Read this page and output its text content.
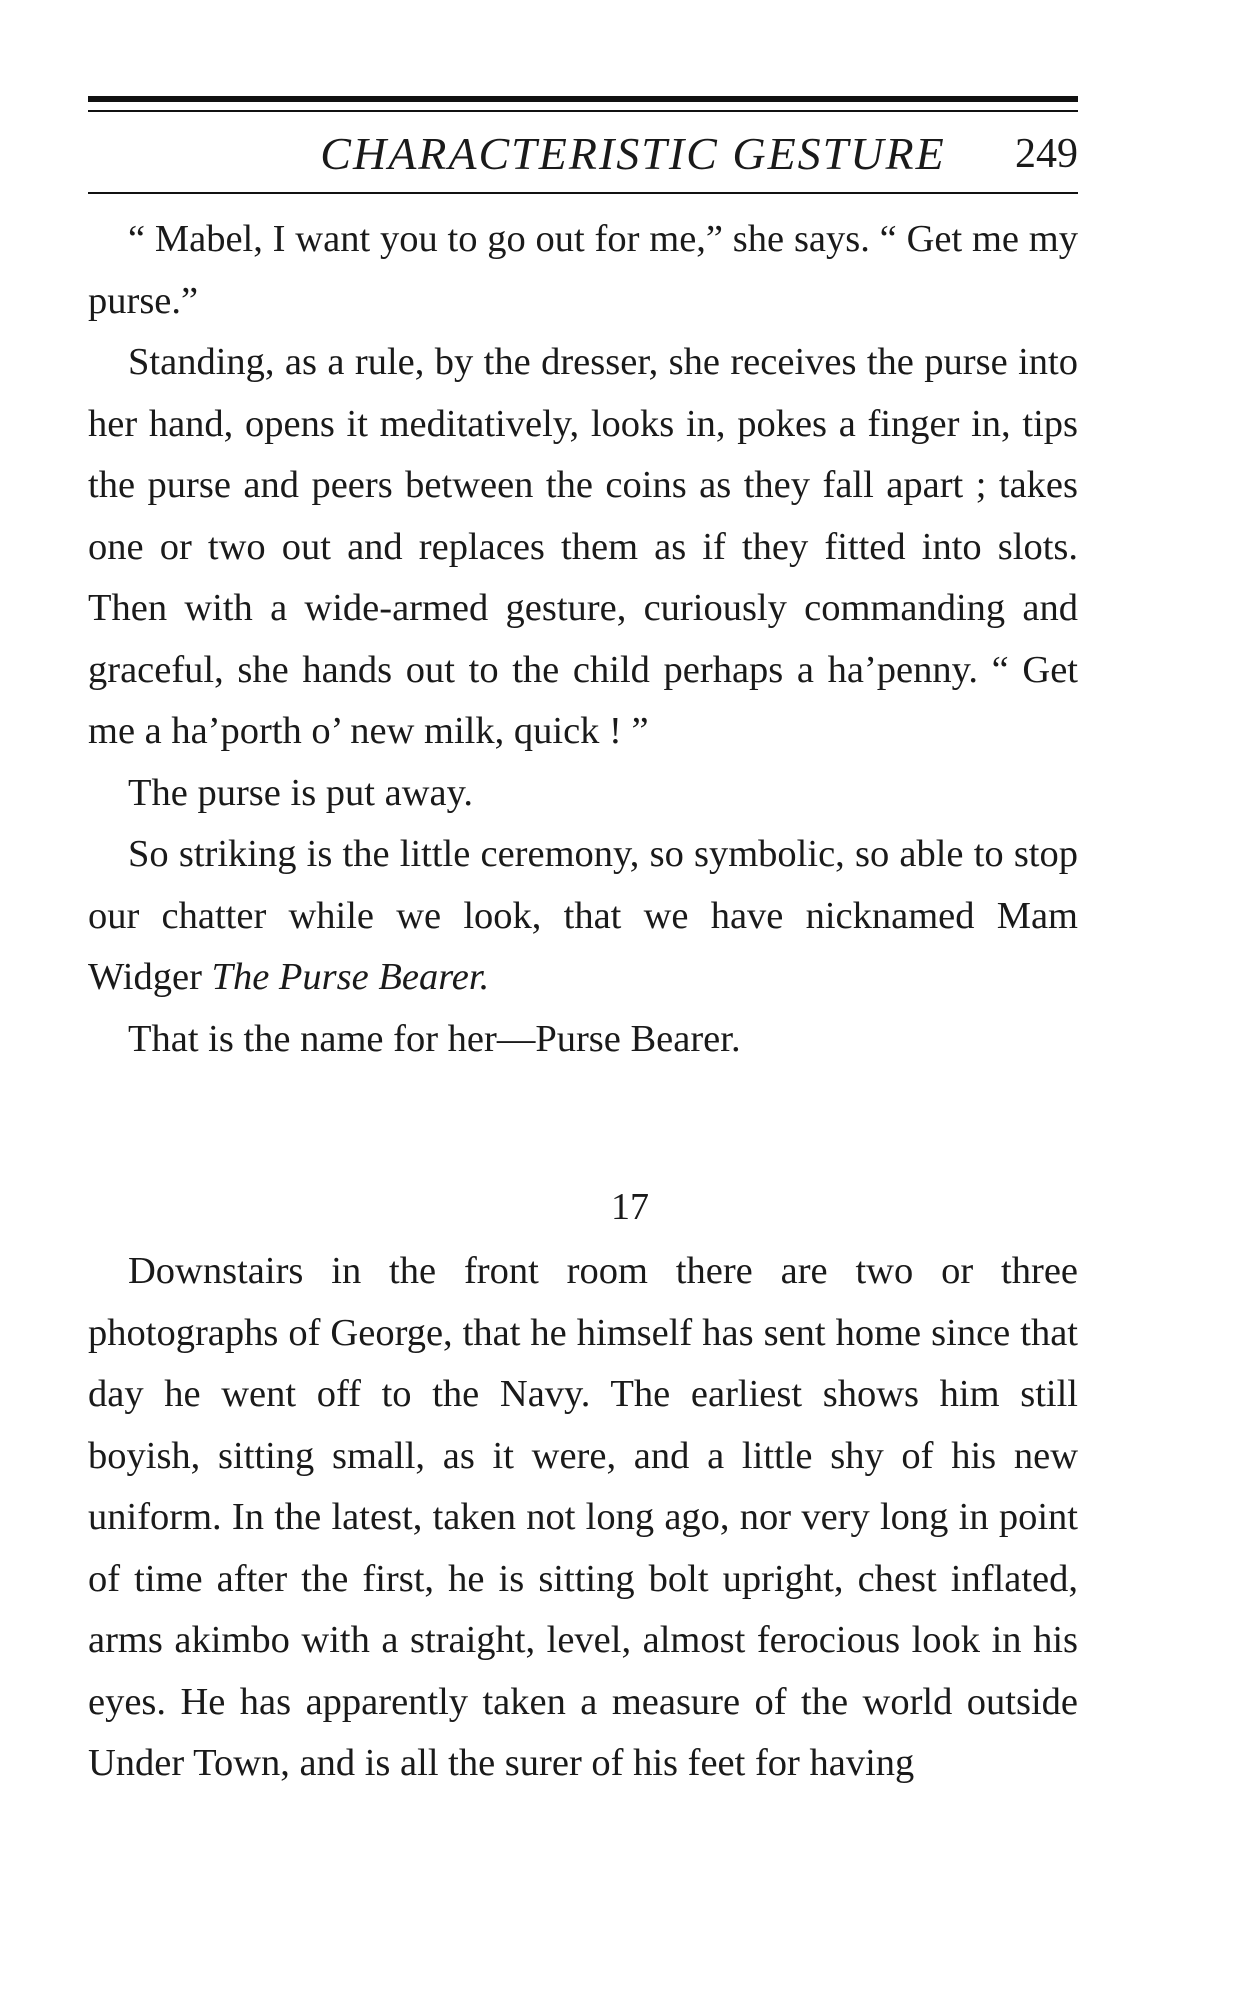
CHARACTERISTIC GESTURE	249

“ Mabel, I want you to go out for me,” she says. “ Get me my purse.”

Standing, as a rule, by the dresser, she receives the purse into her hand, opens it meditatively, looks in, pokes a finger in, tips the purse and peers between the coins as they fall apart ; takes one or two out and replaces them as if they fitted into slots. Then with a wide-armed gesture, curiously commanding and graceful, she hands out to the child perhaps a ha’penny. “ Get me a ha’porth o’ new milk, quick ! ”

The purse is put away.

So striking is the little ceremony, so symbolic, so able to stop our chatter while we look, that we have nicknamed Mam Widger The Purse Bearer.

That is the name for her—Purse Bearer.

17

Downstairs in the front room there are two or three photographs of George, that he himself has sent home since that day he went off to the Navy. The earliest shows him still boyish, sitting small, as it were, and a little shy of his new uniform. In the latest, taken not long ago, nor very long in point of time after the first, he is sitting bolt upright, chest inflated, arms akimbo with a straight, level, almost ferocious look in his eyes. He has apparently taken a measure of the world outside Under Town, and is all the surer of his feet for having
